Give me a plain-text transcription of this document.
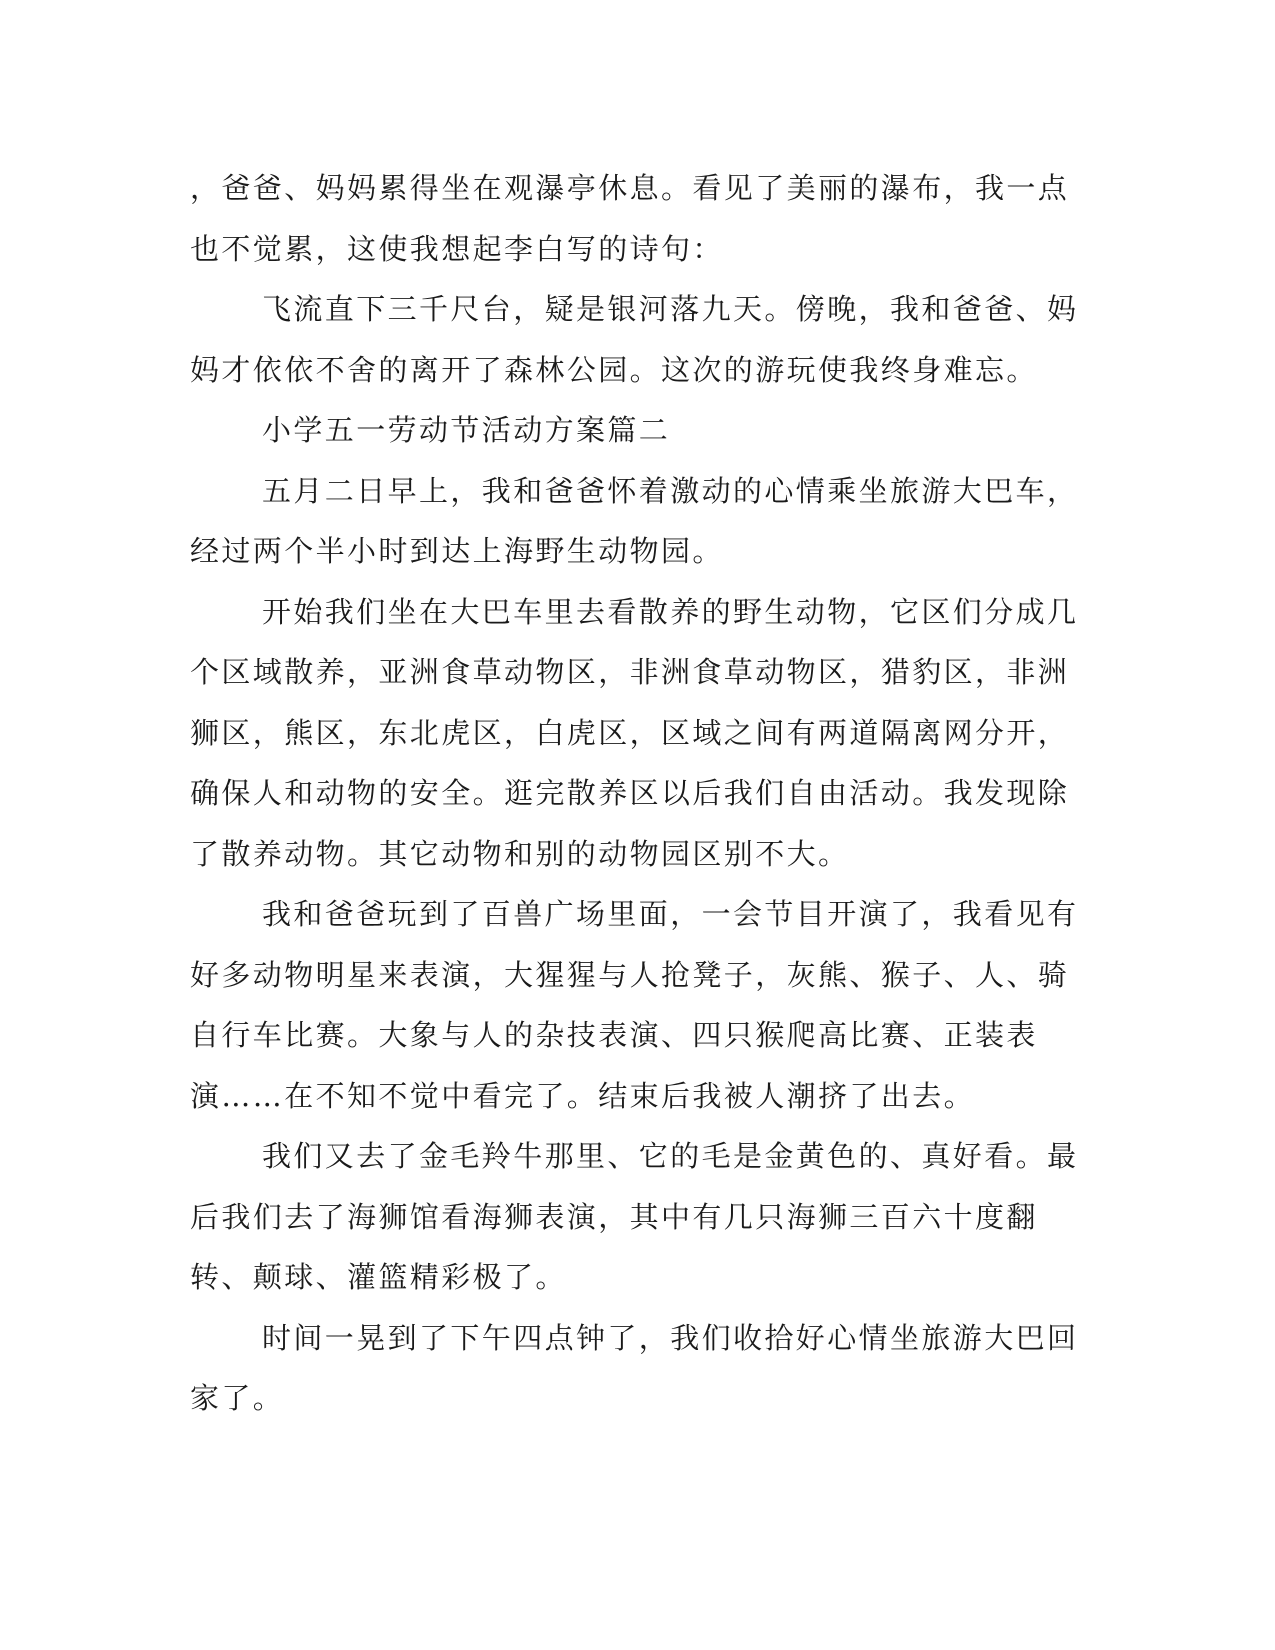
，爸爸、妈妈累得坐在观瀑亭休息。看见了美丽的瀑布，我一点也不觉累，这使我想起李白写的诗句：

飞流直下三千尺台，疑是银河落九天。傍晚，我和爸爸、妈妈才依依不舍的离开了森林公园。这次的游玩使我终身难忘。

小学五一劳动节活动方案篇二

五月二日早上，我和爸爸怀着激动的心情乘坐旅游大巴车，经过两个半小时到达上海野生动物园。

开始我们坐在大巴车里去看散养的野生动物，它区们分成几个区域散养，亚洲食草动物区，非洲食草动物区，猎豹区，非洲狮区，熊区，东北虎区，白虎区，区域之间有两道隔离网分开，确保人和动物的安全。逛完散养区以后我们自由活动。我发现除了散养动物。其它动物和别的动物园区别不大。

我和爸爸玩到了百兽广场里面，一会节目开演了，我看见有好多动物明星来表演，大猩猩与人抢凳子，灰熊、猴子、人、骑自行车比赛。大象与人的杂技表演、四只猴爬高比赛、正装表演……在不知不觉中看完了。结束后我被人潮挤了出去。

我们又去了金毛羚牛那里、它的毛是金黄色的、真好看。最后我们去了海狮馆看海狮表演，其中有几只海狮三百六十度翻转、颠球、灌篮精彩极了。

时间一晃到了下午四点钟了，我们收拾好心情坐旅游大巴回家了。
